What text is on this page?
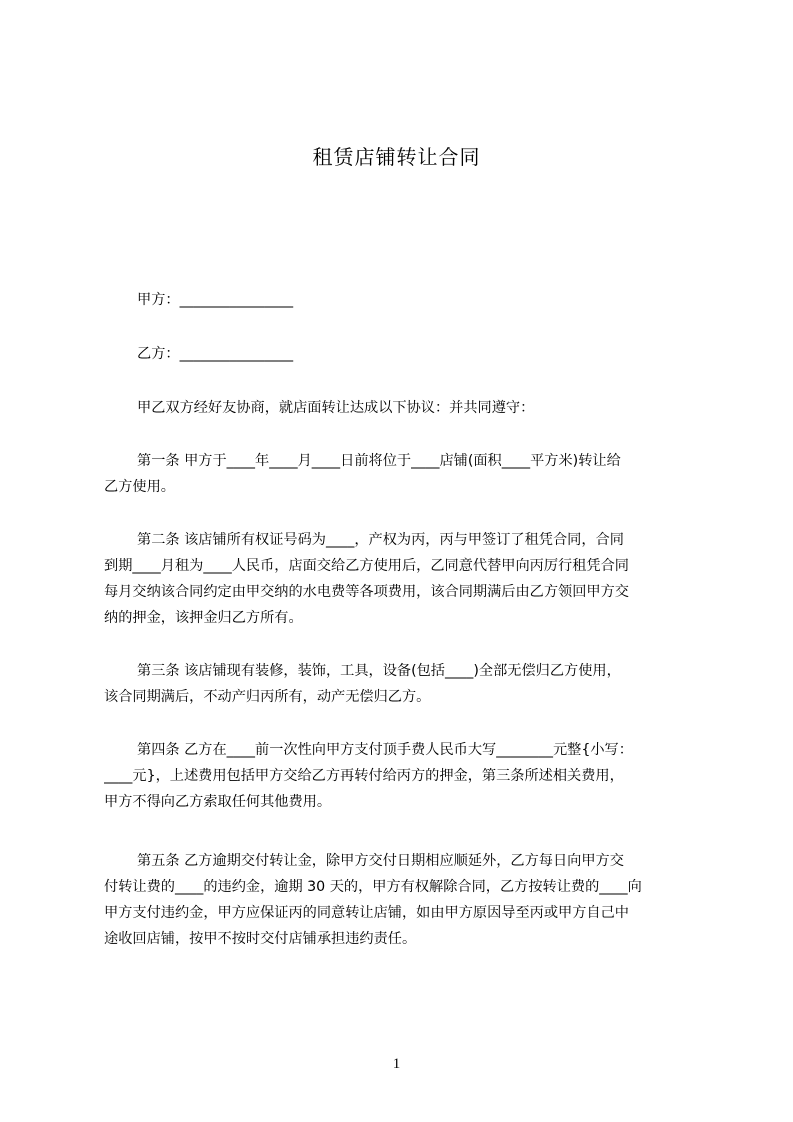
租赁店铺转让合同
甲方：________________
乙方：________________
甲乙双方经好友协商，就店面转让达成以下协议：并共同遵守：
第一条 甲方于____年____月____日前将位于____店铺(面积____平方米)转让给
乙方使用。
第二条 该店铺所有权证号码为____，产权为丙，丙与甲签订了租凭合同，合同
到期____月租为____人民币，店面交给乙方使用后，乙同意代替甲向丙厉行租凭合同
每月交纳该合同约定由甲交纳的水电费等各项费用，该合同期满后由乙方领回甲方交
纳的押金，该押金归乙方所有。
第三条 该店铺现有装修，装饰，工具，设备(包括____)全部无偿归乙方使用，
该合同期满后，不动产归丙所有，动产无偿归乙方。
第四条 乙方在____前一次性向甲方支付顶手费人民币大写________元整{小写：
____元}，上述费用包括甲方交给乙方再转付给丙方的押金，第三条所述相关费用，
甲方不得向乙方索取任何其他费用。
第五条 乙方逾期交付转让金，除甲方交付日期相应顺延外，乙方每日向甲方交
付转让费的____的违约金，逾期 30 天的，甲方有权解除合同，乙方按转让费的____向
甲方支付违约金，甲方应保证丙的同意转让店铺，如由甲方原因导至丙或甲方自己中
途收回店铺，按甲不按时交付店铺承担违约责任。
1
